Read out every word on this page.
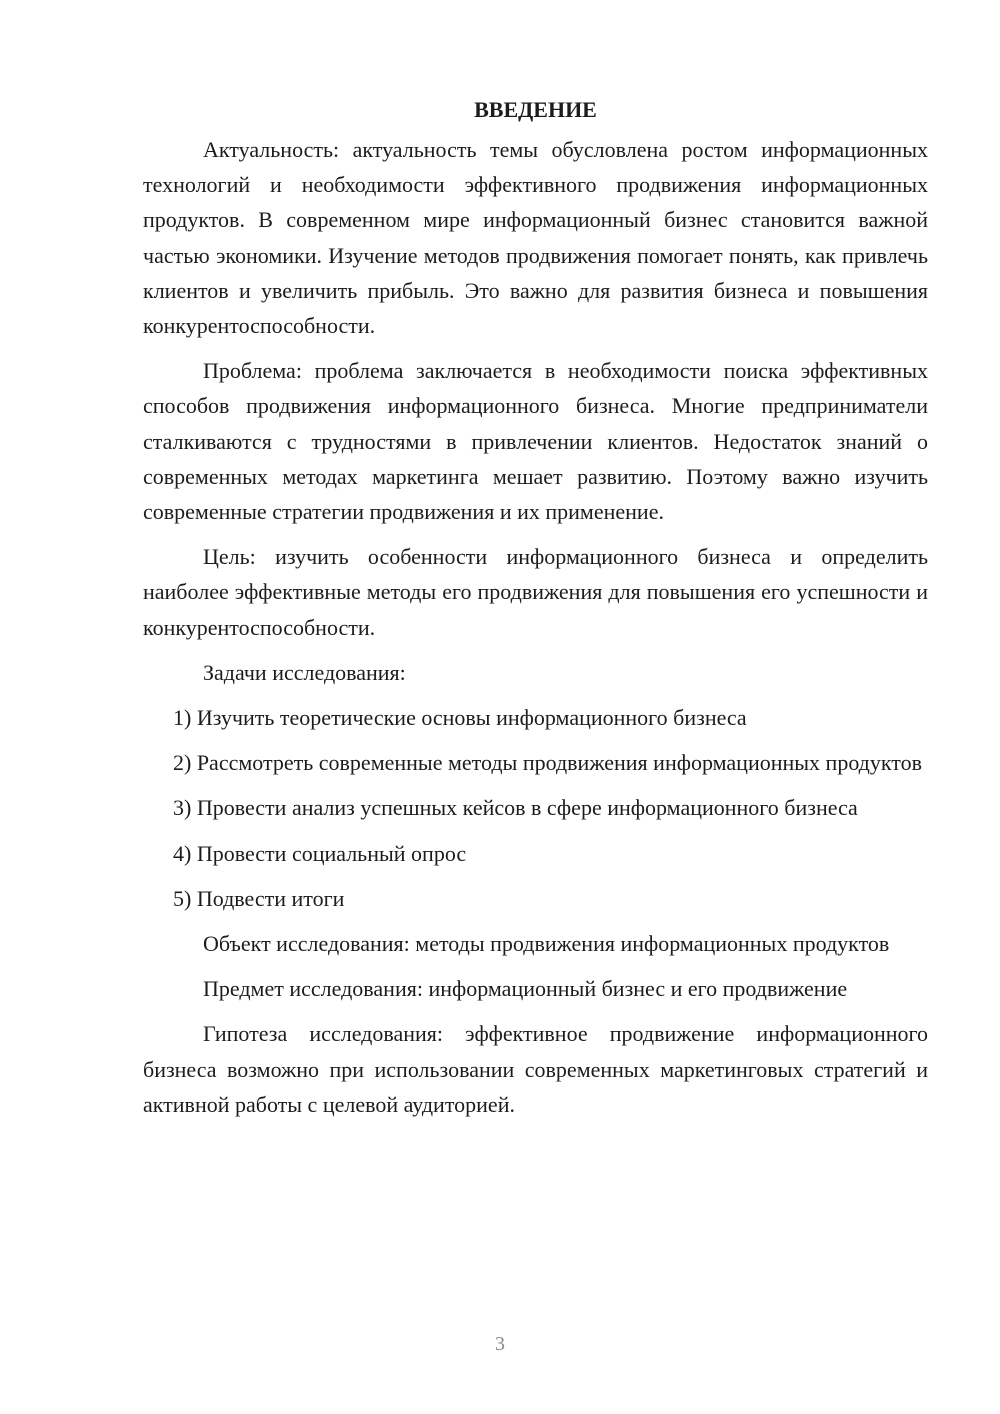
ВВЕДЕНИЕ

Актуальность: актуальность темы обусловлена ростом информационных технологий и необходимости эффективного продвижения информационных продуктов. В современном мире информационный бизнес становится важной частью экономики. Изучение методов продвижения помогает понять, как привлечь клиентов и увеличить прибыль. Это важно для развития бизнеса и повышения конкурентоспособности.

Проблема: проблема заключается в необходимости поиска эффективных способов продвижения информационного бизнеса. Многие предприниматели сталкиваются с трудностями в привлечении клиентов. Недостаток знаний о современных методах маркетинга мешает развитию. Поэтому важно изучить современные стратегии продвижения и их применение.

Цель: изучить особенности информационного бизнеса и определить наиболее эффективные методы его продвижения для повышения его успешности и конкурентоспособности.

Задачи исследования:

1) Изучить теоретические основы информационного бизнеса

2) Рассмотреть современные методы продвижения информационных продуктов

3) Провести анализ успешных кейсов в сфере информационного бизнеса

4) Провести социальный опрос

5) Подвести итоги

Объект исследования: методы продвижения информационных продуктов

Предмет исследования: информационный бизнес и его продвижение

Гипотеза исследования: эффективное продвижение информационного бизнеса возможно при использовании современных маркетинговых стратегий и активной работы с целевой аудиторией.

3
